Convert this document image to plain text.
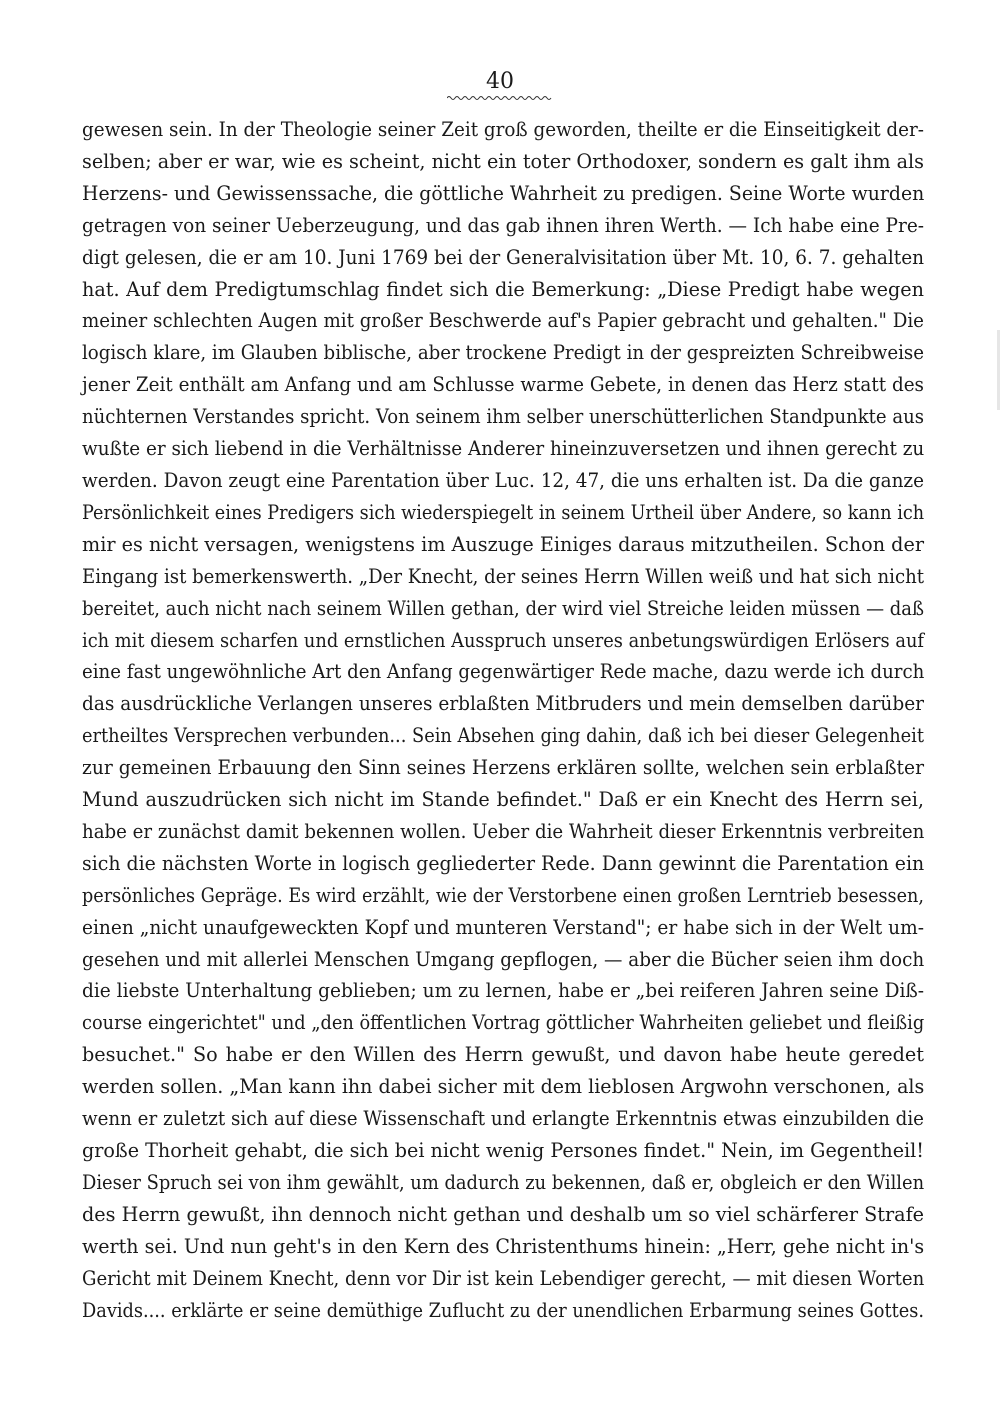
40
gewesen sein. In der Theologie seiner Zeit groß geworden, theilte er die Einseitigkeit der-
selben; aber er war, wie es scheint, nicht ein toter Orthodoxer, sondern es galt ihm als
Herzens- und Gewissenssache, die göttliche Wahrheit zu predigen. Seine Worte wurden
getragen von seiner Ueberzeugung, und das gab ihnen ihren Werth. — Ich habe eine Pre-
digt gelesen, die er am 10. Juni 1769 bei der Generalvisitation über Mt. 10, 6. 7. gehalten
hat. Auf dem Predigtumschlag findet sich die Bemerkung: „Diese Predigt habe wegen
meiner schlechten Augen mit großer Beschwerde auf's Papier gebracht und gehalten." Die
logisch klare, im Glauben biblische, aber trockene Predigt in der gespreizten Schreibweise
jener Zeit enthält am Anfang und am Schlusse warme Gebete, in denen das Herz statt des
nüchternen Verstandes spricht. Von seinem ihm selber unerschütterlichen Standpunkte aus
wußte er sich liebend in die Verhältnisse Anderer hineinzuversetzen und ihnen gerecht zu
werden. Davon zeugt eine Parentation über Luc. 12, 47, die uns erhalten ist. Da die ganze
Persönlichkeit eines Predigers sich wiederspiegelt in seinem Urtheil über Andere, so kann ich
mir es nicht versagen, wenigstens im Auszuge Einiges daraus mitzutheilen. Schon der
Eingang ist bemerkenswerth. „Der Knecht, der seines Herrn Willen weiß und hat sich nicht
bereitet, auch nicht nach seinem Willen gethan, der wird viel Streiche leiden müssen — daß
ich mit diesem scharfen und ernstlichen Ausspruch unseres anbetungswürdigen Erlösers auf
eine fast ungewöhnliche Art den Anfang gegenwärtiger Rede mache, dazu werde ich durch
das ausdrückliche Verlangen unseres erblaßten Mitbruders und mein demselben darüber
ertheiltes Versprechen verbunden... Sein Absehen ging dahin, daß ich bei dieser Gelegenheit
zur gemeinen Erbauung den Sinn seines Herzens erklären sollte, welchen sein erblaßter
Mund auszudrücken sich nicht im Stande befindet." Daß er ein Knecht des Herrn sei,
habe er zunächst damit bekennen wollen. Ueber die Wahrheit dieser Erkenntnis verbreiten
sich die nächsten Worte in logisch gegliederter Rede. Dann gewinnt die Parentation ein
persönliches Gepräge. Es wird erzählt, wie der Verstorbene einen großen Lerntrieb besessen,
einen „nicht unaufgeweckten Kopf und munteren Verstand"; er habe sich in der Welt um-
gesehen und mit allerlei Menschen Umgang gepflogen, — aber die Bücher seien ihm doch
die liebste Unterhaltung geblieben; um zu lernen, habe er „bei reiferen Jahren seine Diß-
course eingerichtet" und „den öffentlichen Vortrag göttlicher Wahrheiten geliebet und fleißig
besuchet." So habe er den Willen des Herrn gewußt, und davon habe heute geredet
werden sollen. „Man kann ihn dabei sicher mit dem lieblosen Argwohn verschonen, als
wenn er zuletzt sich auf diese Wissenschaft und erlangte Erkenntnis etwas einzubilden die
große Thorheit gehabt, die sich bei nicht wenig Persones findet." Nein, im Gegentheil!
Dieser Spruch sei von ihm gewählt, um dadurch zu bekennen, daß er, obgleich er den Willen
des Herrn gewußt, ihn dennoch nicht gethan und deshalb um so viel schärferer Strafe
werth sei. Und nun geht's in den Kern des Christenthums hinein: „Herr, gehe nicht in's
Gericht mit Deinem Knecht, denn vor Dir ist kein Lebendiger gerecht, — mit diesen Worten
Davids.... erklärte er seine demüthige Zuflucht zu der unendlichen Erbarmung seines Gottes.
